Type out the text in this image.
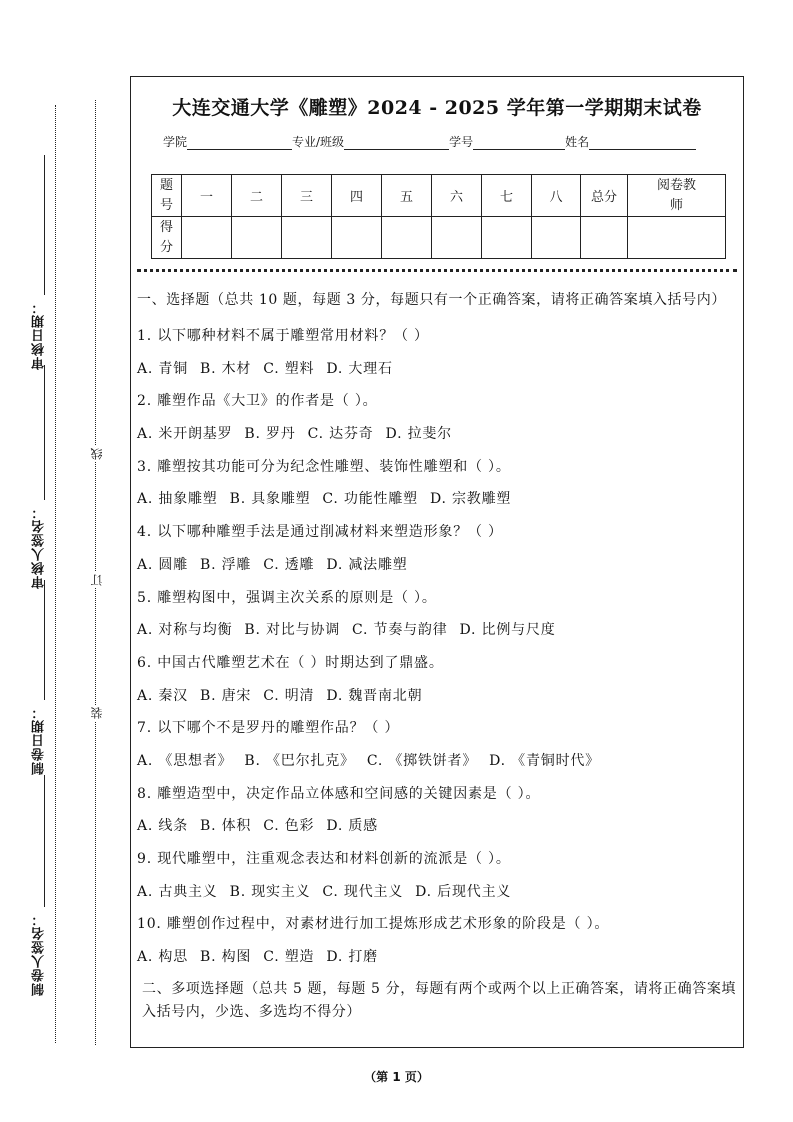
审核日期：
审核人签名：
制卷日期：
制卷人签名：
线
订
装
大连交通大学《雕塑》2024 - 2025 学年第一学期期末试卷
学院	专业/班级	学号	姓名
题号	一	二	三	四	五	六	七	八	总分	阅卷教师
得分										
一、选择题（总共 10 题，每题 3 分，每题只有一个正确答案，请将正确答案填入括号内）
1. 以下哪种材料不属于雕塑常用材料？（ ）
A. 青铜 B. 木材 C. 塑料 D. 大理石
2. 雕塑作品《大卫》的作者是（ ）。
A. 米开朗基罗 B. 罗丹 C. 达芬奇 D. 拉斐尔
3. 雕塑按其功能可分为纪念性雕塑、装饰性雕塑和（ ）。
A. 抽象雕塑 B. 具象雕塑 C. 功能性雕塑 D. 宗教雕塑
4. 以下哪种雕塑手法是通过削减材料来塑造形象？（ ）
A. 圆雕 B. 浮雕 C. 透雕 D. 减法雕塑
5. 雕塑构图中，强调主次关系的原则是（ ）。
A. 对称与均衡 B. 对比与协调 C. 节奏与韵律 D. 比例与尺度
6. 中国古代雕塑艺术在（ ）时期达到了鼎盛。
A. 秦汉 B. 唐宋 C. 明清 D. 魏晋南北朝
7. 以下哪个不是罗丹的雕塑作品？（ ）
A. 《思想者》 B. 《巴尔扎克》 C. 《掷铁饼者》 D. 《青铜时代》
8. 雕塑造型中，决定作品立体感和空间感的关键因素是（ ）。
A. 线条 B. 体积 C. 色彩 D. 质感
9. 现代雕塑中，注重观念表达和材料创新的流派是（ ）。
A. 古典主义 B. 现实主义 C. 现代主义 D. 后现代主义
10. 雕塑创作过程中，对素材进行加工提炼形成艺术形象的阶段是（ ）。
A. 构思 B. 构图 C. 塑造 D. 打磨
二、多项选择题（总共 5 题，每题 5 分，每题有两个或两个以上正确答案，请将正确答案填入括号内，少选、多选均不得分）
（第 1 页）
